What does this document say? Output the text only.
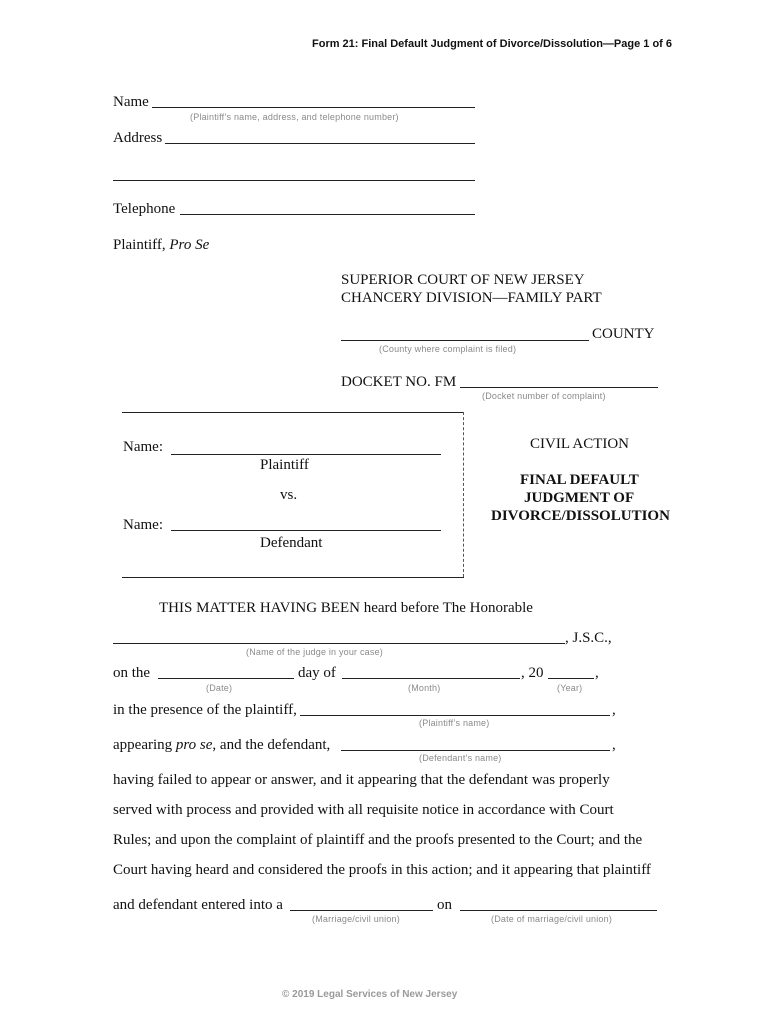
Form 21: Final Default Judgment of Divorce/Dissolution—Page 1 of 6
Name
(Plaintiff’s name, address, and telephone number)
Address
Telephone
Plaintiff, Pro Se
SUPERIOR COURT OF NEW JERSEY
CHANCERY DIVISION—FAMILY PART
COUNTY
(County where complaint is filed)
DOCKET NO. FM
(Docket number of complaint)
Name:
Plaintiff
vs.
Name:
Defendant
CIVIL ACTION
FINAL DEFAULT
JUDGMENT OF
DIVORCE/DISSOLUTION
THIS MATTER HAVING BEEN heard before The Honorable
, J.S.C.,
(Name of the judge in your case)
on the	day of	, 20	,
(Date)	(Month)	(Year)
in the presence of the plaintiff,	,
(Plaintiff’s name)
appearing pro se, and the defendant,	,
(Defendant’s name)
having failed to appear or answer, and it appearing that the defendant was properly
served with process and provided with all requisite notice in accordance with Court
Rules; and upon the complaint of plaintiff and the proofs presented to the Court; and the
Court having heard and considered the proofs in this action; and it appearing that plaintiff
and defendant entered into a	on
(Marriage/civil union)	(Date of marriage/civil union)
© 2019 Legal Services of New Jersey
